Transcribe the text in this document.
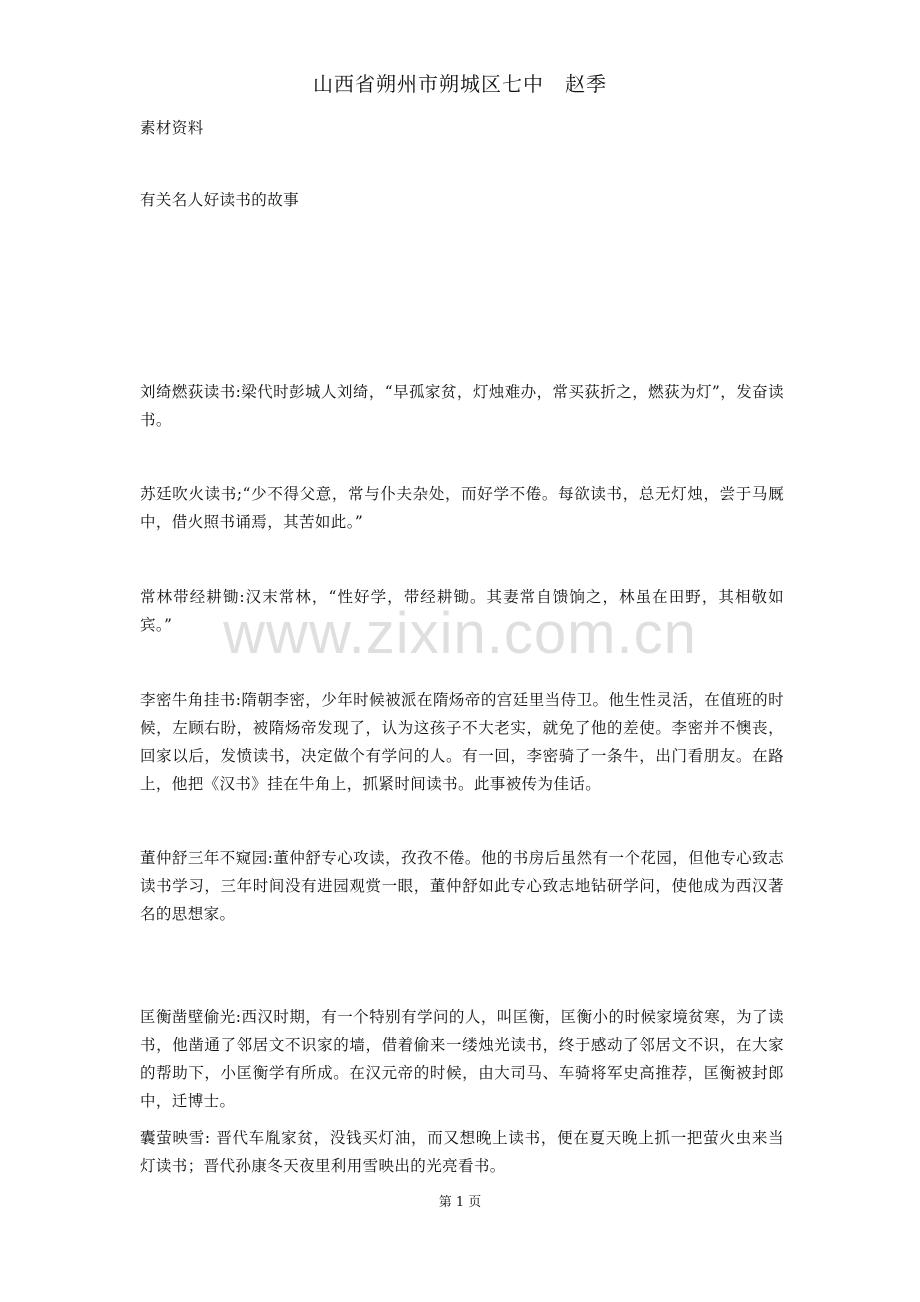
山西省朔州市朔城区七中　赵季

素材资料

有关名人好读书的故事

www.zixin.com.cn

刘绮燃荻读书:梁代时彭城人刘绮，“早孤家贫，灯烛难办，常买荻折之，燃荻为灯”，发奋读书。

苏廷吹火读书;“少不得父意，常与仆夫杂处，而好学不倦。每欲读书，总无灯烛，尝于马厩中，借火照书诵焉，其苦如此。”

常林带经耕锄:汉末常林，“性好学，带经耕锄。其妻常自馈饷之，林虽在田野，其相敬如宾。”

李密牛角挂书:隋朝李密，少年时候被派在隋炀帝的宫廷里当侍卫。他生性灵活，在值班的时候，左顾右盼，被隋炀帝发现了，认为这孩子不大老实，就免了他的差使。李密并不懊丧，回家以后，发愤读书，决定做个有学问的人。有一回，李密骑了一条牛，出门看朋友。在路上，他把《汉书》挂在牛角上，抓紧时间读书。此事被传为佳话。

董仲舒三年不窥园:董仲舒专心攻读，孜孜不倦。他的书房后虽然有一个花园，但他专心致志读书学习，三年时间没有进园观赏一眼，董仲舒如此专心致志地钻研学问，使他成为西汉著名的思想家。

匡衡凿壁偷光:西汉时期，有一个特别有学问的人，叫匡衡，匡衡小的时候家境贫寒，为了读书，他凿通了邻居文不识家的墙，借着偷来一缕烛光读书，终于感动了邻居文不识，在大家的帮助下，小匡衡学有所成。在汉元帝的时候，由大司马、车骑将军史高推荐，匡衡被封郎中，迁博士。

囊萤映雪: 晋代车胤家贫，没钱买灯油，而又想晚上读书，便在夏天晚上抓一把萤火虫来当灯读书；晋代孙康冬天夜里利用雪映出的光亮看书。

第 1 页
